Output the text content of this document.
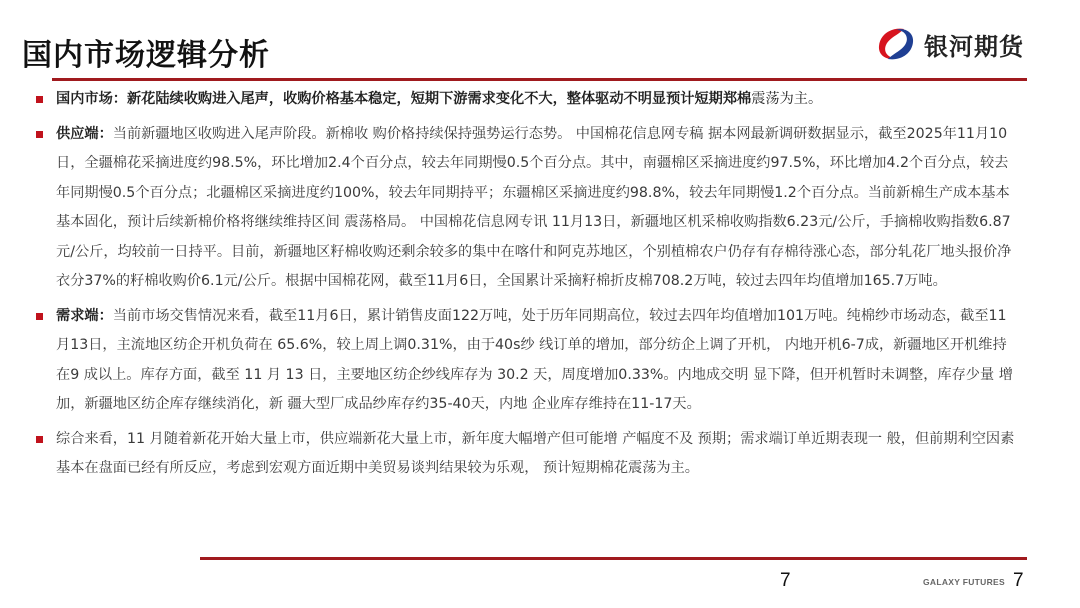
国内市场逻辑分析	银河期货
国内市场：新花陆续收购进入尾声，收购价格基本稳定，短期下游需求变化不大，整体驱动不明显预计短期郑棉震荡为主。
供应端：当前新疆地区收购进入尾声阶段。新棉收 购价格持续保持强势运行态势。 中国棉花信息网专稿 据本网最新调研数据显示，截至2025年11月10日，全疆棉花采摘进度约98.5%，环比增加2.4个百分点，较去年同期慢0.5个百分点。其中，南疆棉区采摘进度约97.5%，环比增加4.2个百分点，较去年同期慢0.5个百分点；北疆棉区采摘进度约100%，较去年同期持平；东疆棉区采摘进度约98.8%，较去年同期慢1.2个百分点。当前新棉生产成本基本基本固化，预计后续新棉价格将继续维持区间 震荡格局。 中国棉花信息网专讯 11月13日，新疆地区机采棉收购指数6.23元/公斤，手摘棉收购指数6.87元/公斤，均较前一日持平。目前，新疆地区籽棉收购还剩余较多的集中在喀什和阿克苏地区，个别植棉农户仍存有存棉待涨心态，部分轧花厂地头报价净衣分37%的籽棉收购价6.1元/公斤。根据中国棉花网，截至11月6日，全国累计采摘籽棉折皮棉708.2万吨，较过去四年均值增加165.7万吨。
需求端：当前市场交售情况来看，截至11月6日，累计销售皮面122万吨，处于历年同期高位，较过去四年均值增加101万吨。纯棉纱市场动态，截至11 月13日，主流地区纺企开机负荷在 65.6%，较上周上调0.31%，由于40s纱 线订单的增加，部分纺企上调了开机， 内地开机6-7成，新疆地区开机维持在9 成以上。库存方面，截至 11 月 13 日，主要地区纺企纱线库存为 30.2 天，周度增加0.33%。内地成交明 显下降，但开机暂时未调整，库存少量 增加，新疆地区纺企库存继续消化，新 疆大型厂成品纱库存约35-40天，内地 企业库存维持在11-17天。
综合来看，11 月随着新花开始大量上市，供应端新花大量上市，新年度大幅增产但可能增 产幅度不及 预期；需求端订单近期表现一 般，但前期利空因素基本在盘面已经有所反应，考虑到宏观方面近期中美贸易谈判结果较为乐观， 预计短期棉花震荡为主。
7	GALAXY FUTURES 7
